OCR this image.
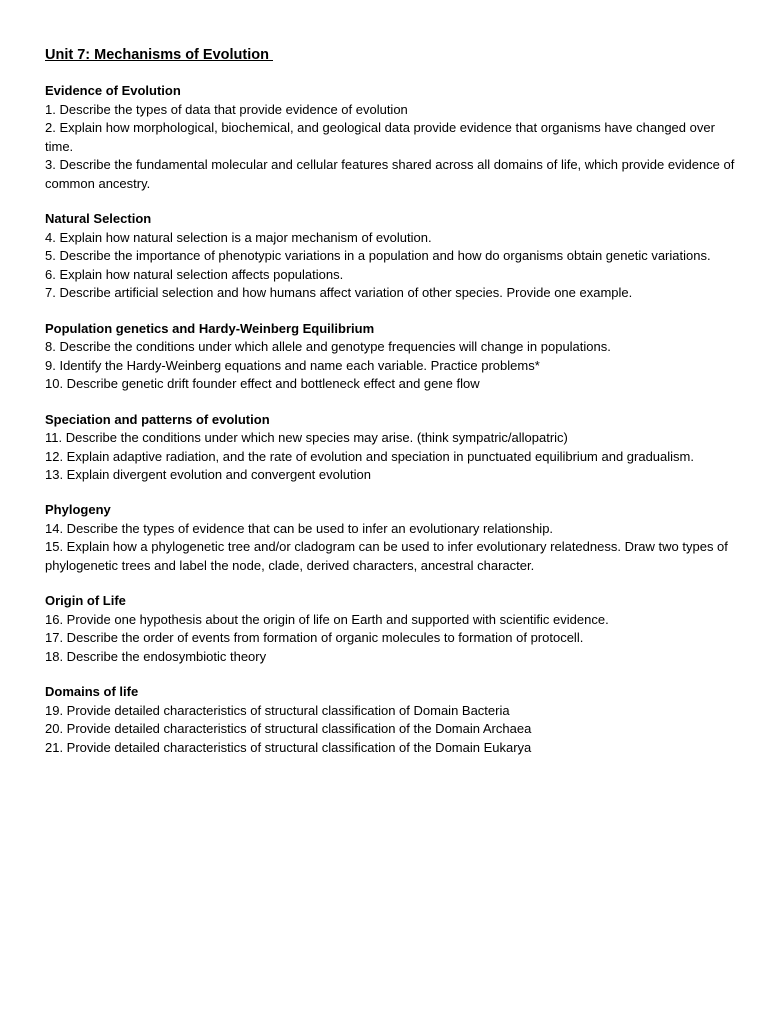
Unit 7: Mechanisms of Evolution
Evidence of Evolution
1. Describe the types of data that provide evidence of evolution
2. Explain how morphological, biochemical, and geological data provide evidence that organisms have changed over time.
3. Describe the fundamental molecular and cellular features shared across all domains of life, which provide evidence of common ancestry.
Natural Selection
4. Explain how natural selection is a major mechanism of evolution.
5. Describe the importance of phenotypic variations in a population and how do organisms obtain genetic variations.
6. Explain how natural selection affects populations.
7. Describe artificial selection and how humans affect variation of other species. Provide one example.
Population genetics and Hardy-Weinberg Equilibrium
8. Describe the conditions under which allele and genotype frequencies will change in populations.
9. Identify the Hardy-Weinberg equations and name each variable. Practice problems*
10. Describe genetic drift founder effect and bottleneck effect and gene flow
Speciation and patterns of evolution
11. Describe the conditions under which new species may arise. (think sympatric/allopatric)
12. Explain adaptive radiation, and the rate of evolution and speciation in punctuated equilibrium and gradualism.
13. Explain divergent evolution and convergent evolution
Phylogeny
14. Describe the types of evidence that can be used to infer an evolutionary relationship.
15. Explain how a phylogenetic tree and/or cladogram can be used to infer evolutionary relatedness. Draw two types of phylogenetic trees and label the node, clade, derived characters, ancestral character.
Origin of Life
16. Provide one hypothesis about the origin of life on Earth and supported with scientific evidence.
17. Describe the order of events from formation of organic molecules to formation of protocell.
18. Describe the endosymbiotic theory
Domains of life
19. Provide detailed characteristics of structural classification of Domain Bacteria
20. Provide detailed characteristics of structural classification of the Domain Archaea
21. Provide detailed characteristics of structural classification of the Domain Eukarya
